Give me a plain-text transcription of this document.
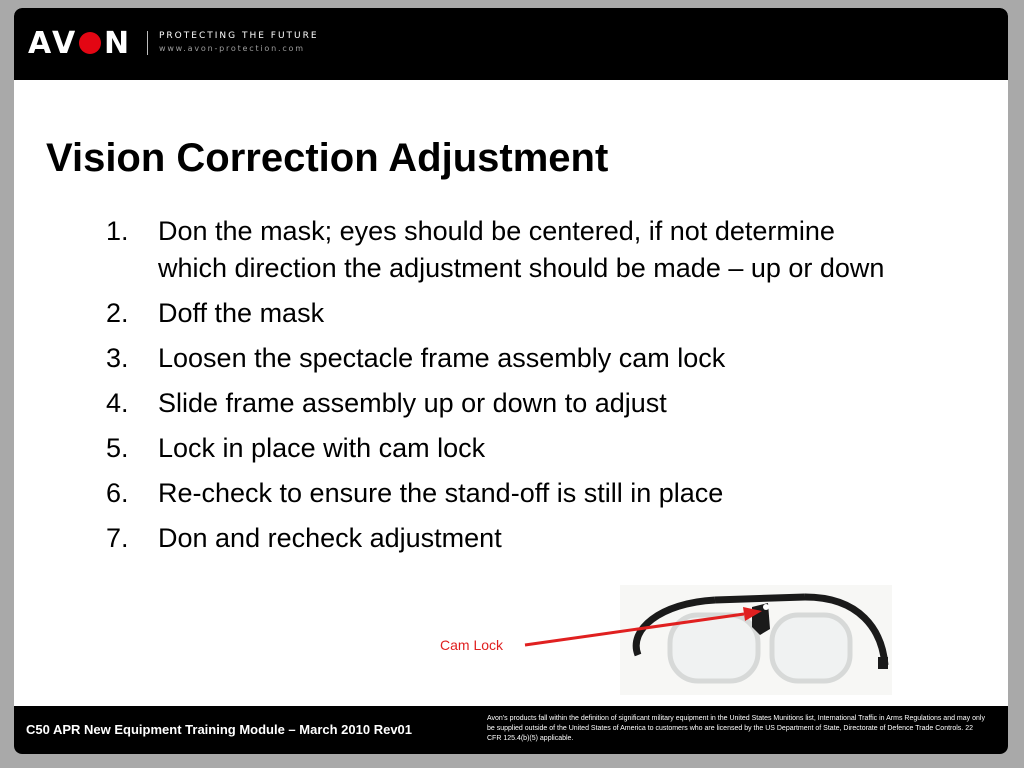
A V N	PROTECTING THE FUTURE
www.avon-protection.com
Vision Correction Adjustment
1.	Don the mask; eyes should be centered, if not determine which direction the adjustment should be made – up or down
2.	Doff the mask
3.	Loosen the spectacle frame assembly cam lock
4.	Slide frame assembly up or down to adjust
5.	Lock in place with cam lock
6.	Re-check to ensure the stand-off is still in place
7.	Don and recheck adjustment
Cam Lock
C50 APR New Equipment Training Module – March 2010 Rev01
Avon's products fall within the definition of significant military equipment in the United States Munitions list, International Traffic in Arms Regulations and may only be supplied outside of the United States of America to customers who are licensed by the US Department of State, Directorate of Defence Trade Controls. 22 CFR 125.4(b)(5) applicable.
